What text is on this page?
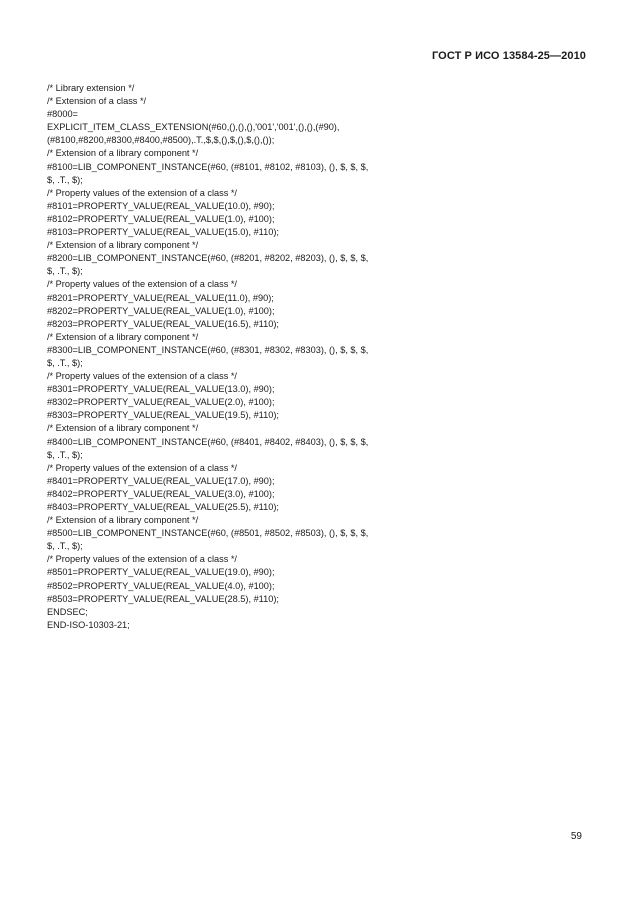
ГОСТ Р ИСО 13584-25—2010
/* Library extension */
/* Extension of a class */
#8000=
EXPLICIT_ITEM_CLASS_EXTENSION(#60,(),(),(),'001','001',(),(),(#90),
(#8100,#8200,#8300,#8400,#8500),.T.,$,$,(),$,(),$,(),());
/* Extension of a library component */
#8100=LIB_COMPONENT_INSTANCE(#60, (#8101, #8102, #8103), (), $, $, $,
$, .T., $);
/* Property values of the extension of a class */
#8101=PROPERTY_VALUE(REAL_VALUE(10.0), #90);
#8102=PROPERTY_VALUE(REAL_VALUE(1.0), #100);
#8103=PROPERTY_VALUE(REAL_VALUE(15.0), #110);
/* Extension of a library component */
#8200=LIB_COMPONENT_INSTANCE(#60, (#8201, #8202, #8203), (), $, $, $,
$, .T., $);
/* Property values of the extension of a class */
#8201=PROPERTY_VALUE(REAL_VALUE(11.0), #90);
#8202=PROPERTY_VALUE(REAL_VALUE(1.0), #100);
#8203=PROPERTY_VALUE(REAL_VALUE(16.5), #110);
/* Extension of a library component */
#8300=LIB_COMPONENT_INSTANCE(#60, (#8301, #8302, #8303), (), $, $, $,
$, .T., $);
/* Property values of the extension of a class */
#8301=PROPERTY_VALUE(REAL_VALUE(13.0), #90);
#8302=PROPERTY_VALUE(REAL_VALUE(2.0), #100);
#8303=PROPERTY_VALUE(REAL_VALUE(19.5), #110);
/* Extension of a library component */
#8400=LIB_COMPONENT_INSTANCE(#60, (#8401, #8402, #8403), (), $, $, $,
$, .T., $);
/* Property values of the extension of a class */
#8401=PROPERTY_VALUE(REAL_VALUE(17.0), #90);
#8402=PROPERTY_VALUE(REAL_VALUE(3.0), #100);
#8403=PROPERTY_VALUE(REAL_VALUE(25.5), #110);
/* Extension of a library component */
#8500=LIB_COMPONENT_INSTANCE(#60, (#8501, #8502, #8503), (), $, $, $,
$, .T., $);
/* Property values of the extension of a class */
#8501=PROPERTY_VALUE(REAL_VALUE(19.0), #90);
#8502=PROPERTY_VALUE(REAL_VALUE(4.0), #100);
#8503=PROPERTY_VALUE(REAL_VALUE(28.5), #110);
ENDSEC;
END-ISO-10303-21;
59
